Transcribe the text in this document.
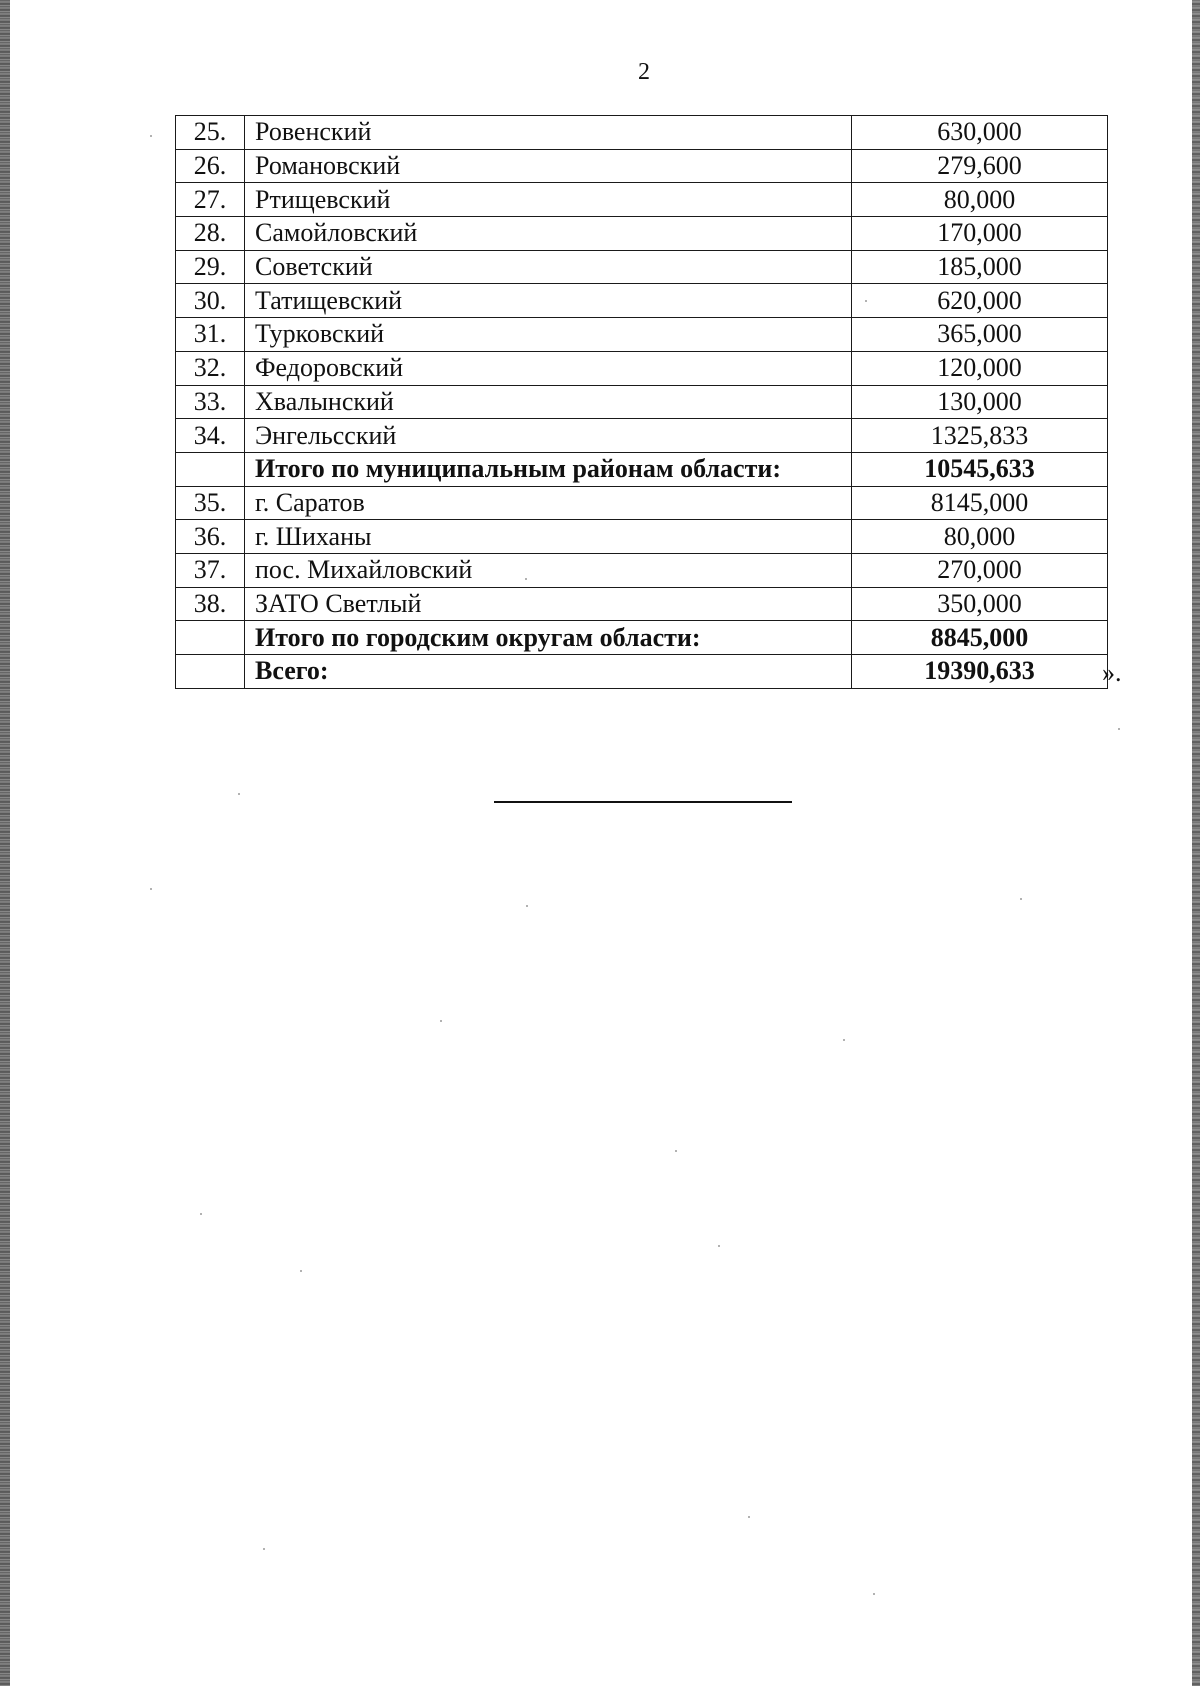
2
25.	Ровенский	630,000
26.	Романовский	279,600
27.	Ртищевский	80,000
28.	Самойловский	170,000
29.	Советский	185,000
30.	Татищевский	620,000
31.	Турковский	365,000
32.	Федоровский	120,000
33.	Хвалынский	130,000
34.	Энгельсский	1325,833
	Итого по муниципальным районам области:	10545,633
35.	г. Саратов	8145,000
36.	г. Шиханы	80,000
37.	пос. Михайловский	270,000
38.	ЗАТО Светлый	350,000
	Итого по городским округам области:	8845,000
	Всего:	19390,633	».
